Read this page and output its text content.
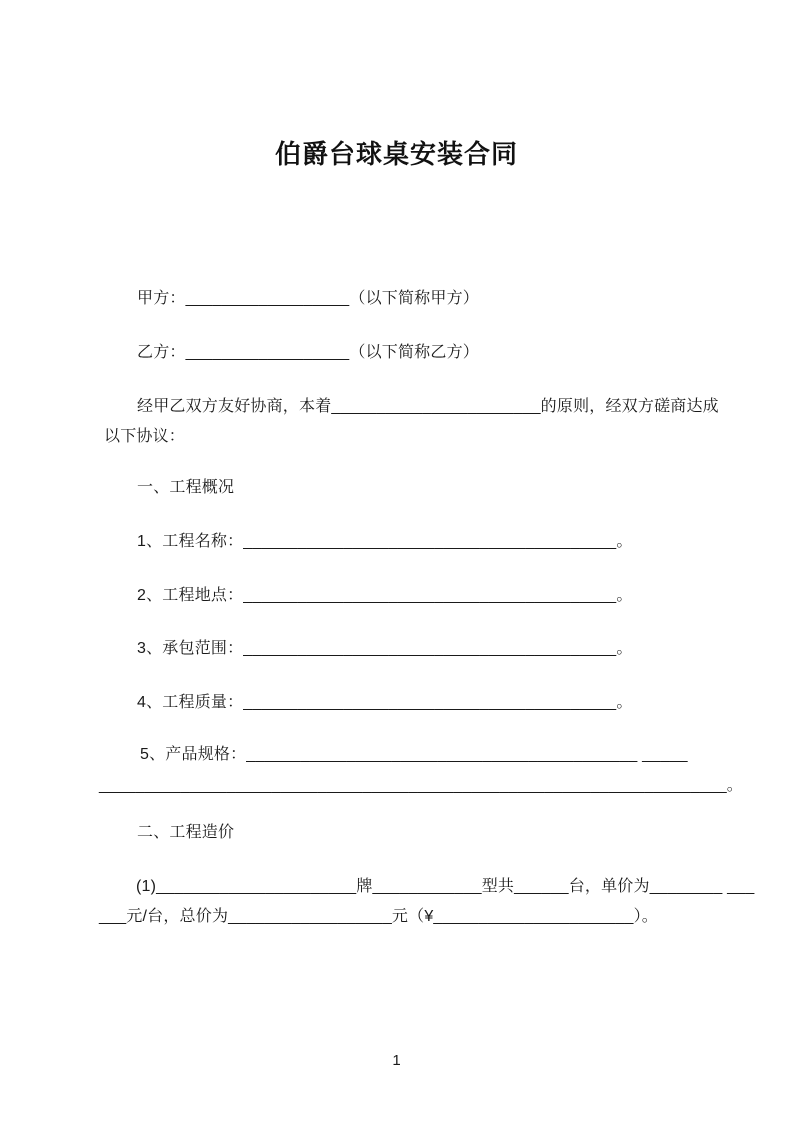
伯爵台球桌安装合同
甲方：__________________（以下简称甲方）
乙方：__________________（以下简称乙方）
经甲乙双方友好协商，本着_______________________的原则，经双方磋商达成
以下协议：
一、工程概况
1、工程名称：_________________________________________。
2、工程地点：_________________________________________。
3、承包范围：_________________________________________。
4、工程质量：_________________________________________。
5、产品规格：___________________________________________ _____
_____________________________________________________________________。
二、工程造价
(1)______________________牌____________型共______台，单价为________ ___
___元/台，总价为__________________元（¥______________________）。
1
